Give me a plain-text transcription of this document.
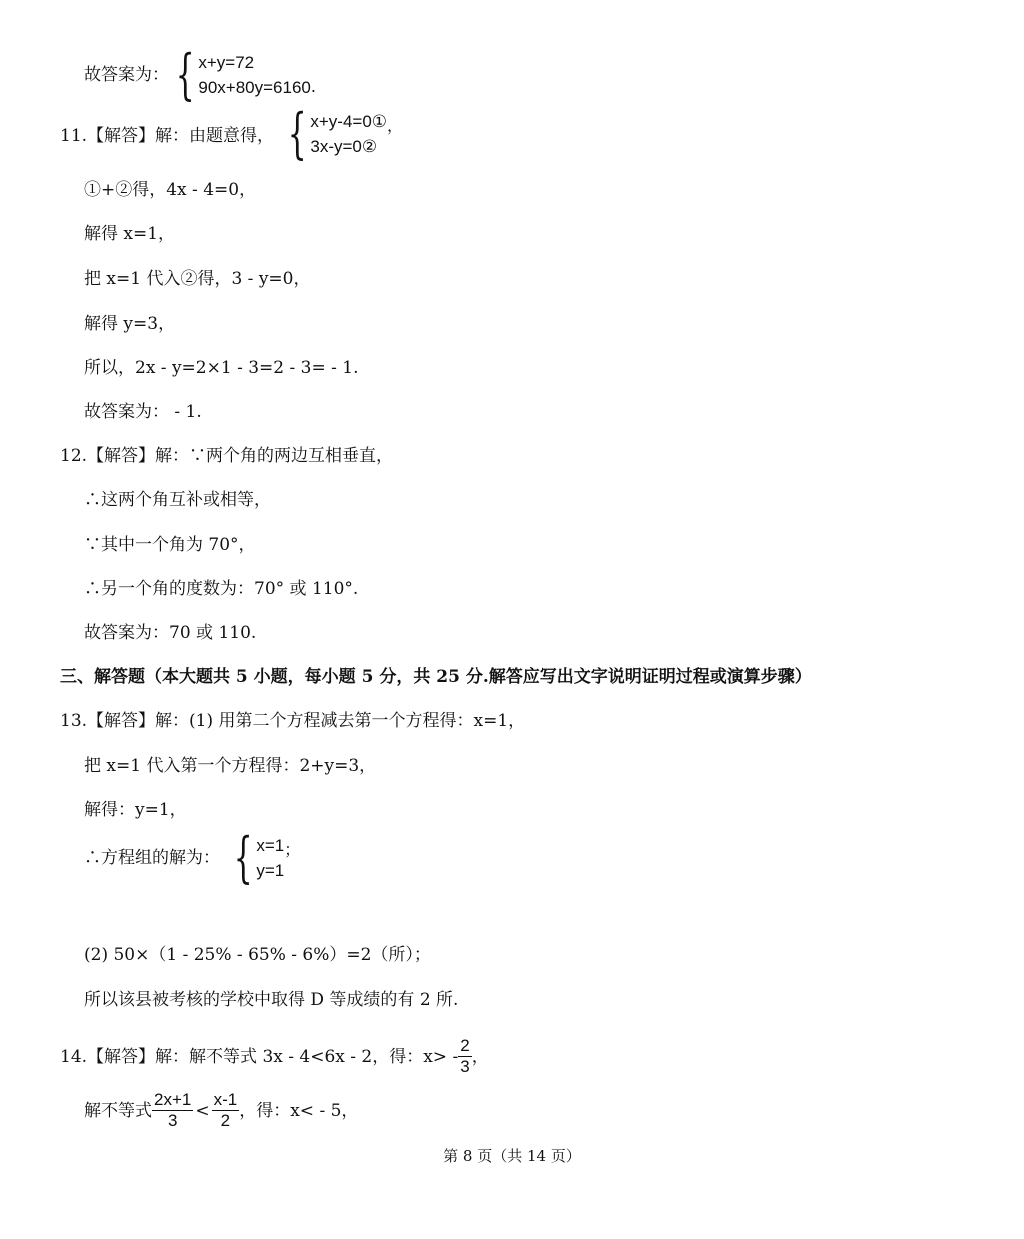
故答案为： { x+y=72
90x+80y=6160 .
11.【解答】解：由题意得， { x+y-4=0①
3x-y=0②
，
①+②得，4x - 4=0，
解得 x=1，
把 x=1 代入②得，3 - y=0，
解得 y=3，
所以，2x - y=2×1 - 3=2 - 3= - 1.
故答案为： - 1.
12.【解答】解：∵两个角的两边互相垂直，
∴这两个角互补或相等，
∵其中一个角为 70°，
∴另一个角的度数为：70° 或 110°.
故答案为：70 或 110.
三、解答题（本大题共 5 小题，每小题 5 分，共 25 分.解答应写出文字说明证明过程或演算步骤）
13.【解答】解：(1) 用第二个方程减去第一个方程得：x=1，
把 x=1 代入第一个方程得：2+y=3，
解得：y=1，
∴方程组的解为： { x=1
y=1
；
(2) 50×（1 - 25% - 65% - 6%）=2（所）；
所以该县被考核的学校中取得 D 等成绩的有 2 所.
14.【解答】解：解不等式 3x - 4<6x - 2，得：$x> - \frac{2}{3}$ ，
解不等式 $\frac{2x+1}{3} < \frac{x-1}{2}$ ，得：x< - 5，
第 8 页（共 14 页）
